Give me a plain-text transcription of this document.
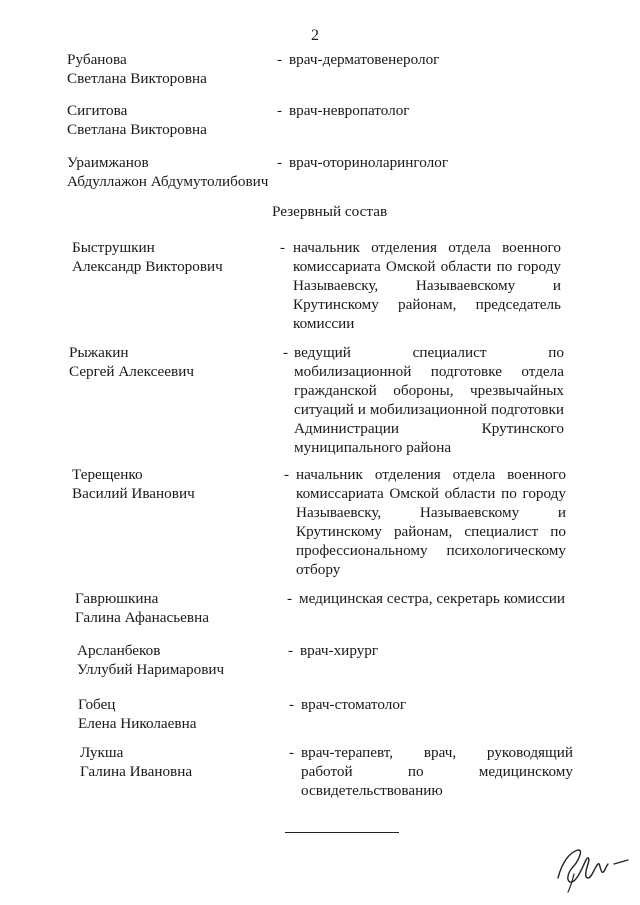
2
Рубанова
Светлана Викторовна
- врач-дерматовенеролог
Сигитова
Светлана Викторовна
- врач-невропатолог
Ураимжанов
Абдуллажон Абдумутолибович
- врач-оториноларинголог
Резервный состав
Быструшкин
Александр Викторович
- начальник отделения отдела военного комиссариата Омской области по городу Называевску, Называевскому и Крутинскому районам, председатель комиссии
Рыжакин
Сергей Алексеевич
- ведущий специалист по мобилизационной подготовке отдела гражданской обороны, чрезвычайных ситуаций и мобилизационной подготовки Администрации Крутинского муниципального района
Терещенко
Василий Иванович
- начальник отделения отдела военного комиссариата Омской области по городу Называевску, Называевскому и Крутинскому районам, специалист по профессиональному психологическому отбору
Гаврюшкина
Галина Афанасьевна
- медицинская сестра, секретарь комиссии
Арсланбеков
Уллубий Наримарович
- врач-хирург
Гобец
Елена Николаевна
- врач-стоматолог
Лукша
Галина Ивановна
- врач-терапевт, врач, руководящий работой по медицинскому освидетельствованию
